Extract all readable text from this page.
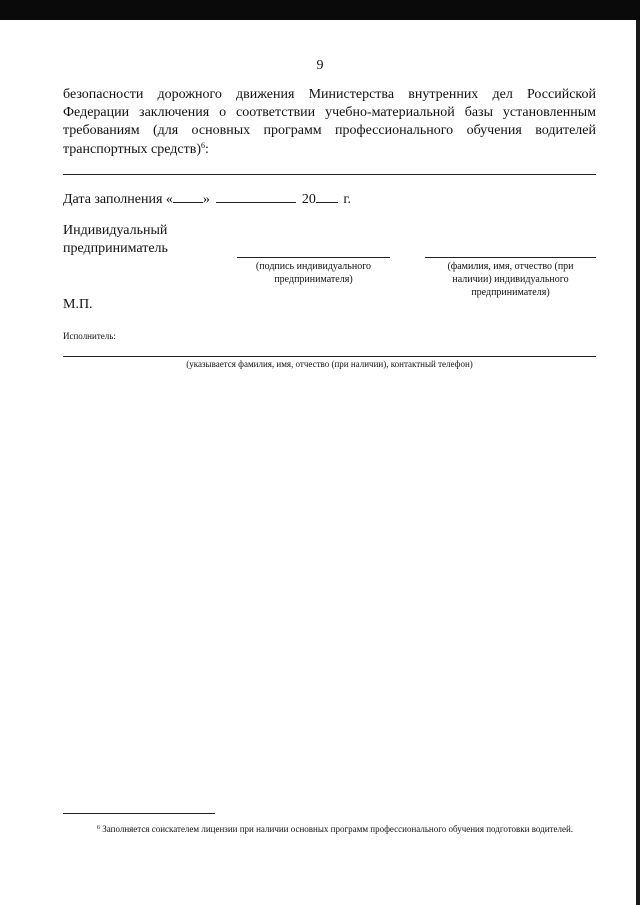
9
безопасности дорожного движения Министерства внутренних дел Российской Федерации заключения о соответствии учебно-материальной базы установленным требованиям (для основных программ профессионального обучения водителей транспортных средств)$^6$:
Дата заполнения « »	20 г.
Индивидуальный предприниматель
(подпись индивидуального предпринимателя)
(фамилия, имя, отчество (при наличии) индивидуального предпринимателя)
М.П.
Исполнитель:
(указывается фамилия, имя, отчество (при наличии), контактный телефон)
$^6$ Заполняется соискателем лицензии при наличии основных программ профессионального обучения подготовки водителей.
